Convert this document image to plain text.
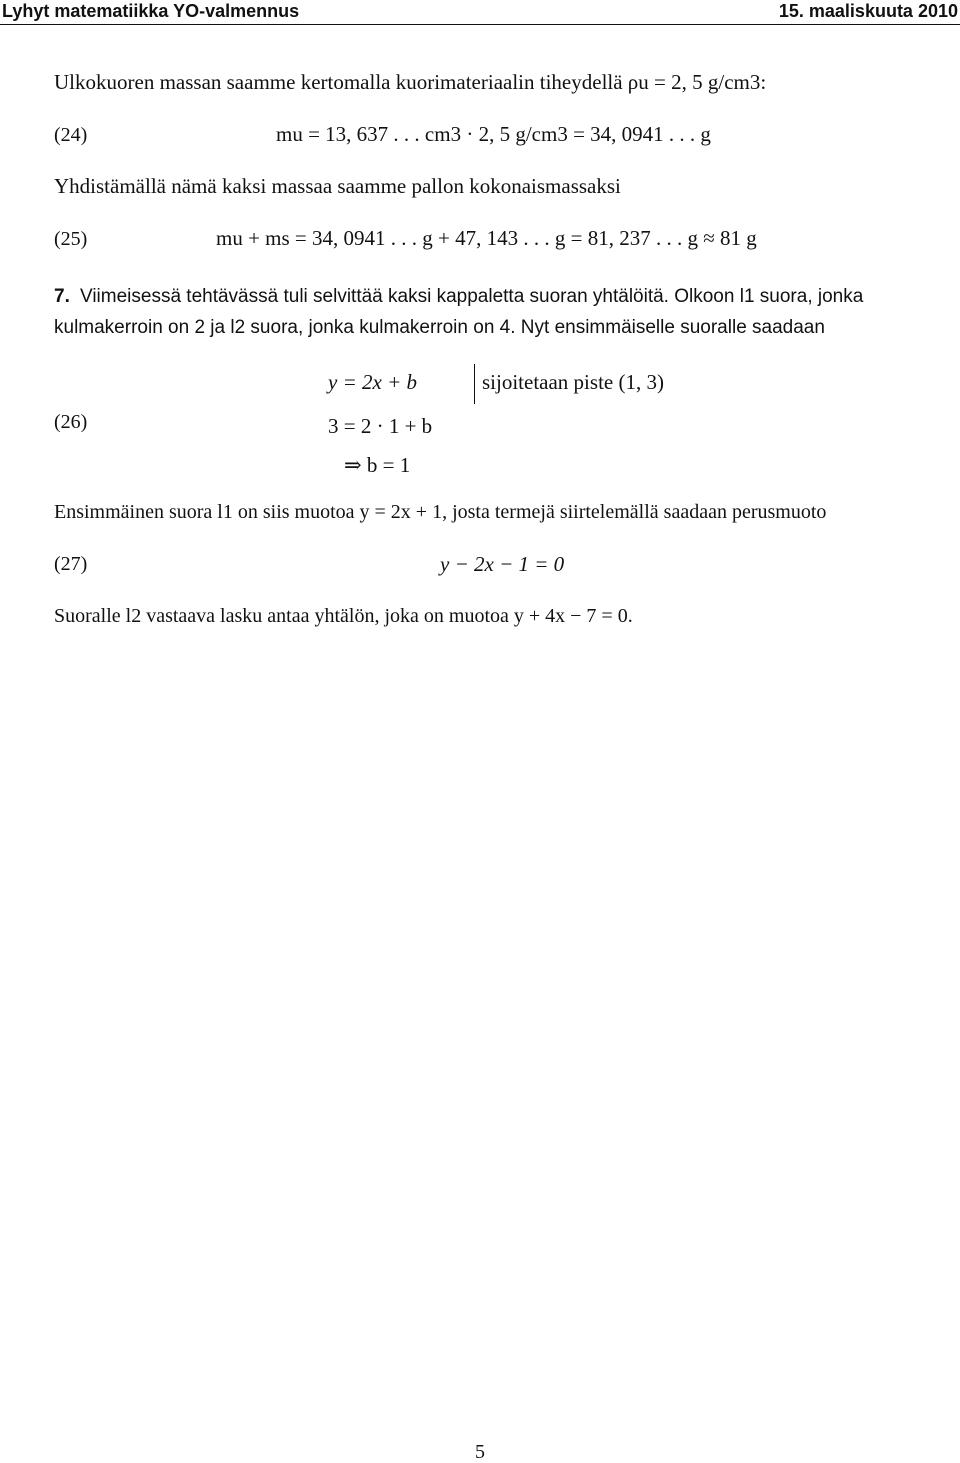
Lyhyt matematiikka YO-valmennus	15. maaliskuuta 2010
Ulkokuoren massan saamme kertomalla kuorimateriaalin tiheydellä ρu = 2, 5 g/cm3:
(24)	mu = 13, 637 . . . cm3 · 2, 5 g/cm3 = 34, 0941 . . . g
Yhdistämällä nämä kaksi massaa saamme pallon kokonaismassaksi
(25)	mu + ms = 34, 0941 . . . g + 47, 143 . . . g = 81, 237 . . . g ≈ 81 g
7. Viimeisessä tehtävässä tuli selvittää kaksi kappaletta suoran yhtälöitä. Olkoon l1 suora, jonka
kulmakerroin on 2 ja l2 suora, jonka kulmakerroin on 4. Nyt ensimmäiselle suoralle saadaan
(26)
y = 2x + b	sijoitetaan piste (1, 3)
3 = 2 · 1 + b
⇒ b = 1
Ensimmäinen suora l1 on siis muotoa y = 2x + 1, josta termejä siirtelemällä saadaan perusmuoto
(27)	y − 2x − 1 = 0
Suoralle l2 vastaava lasku antaa yhtälön, joka on muotoa y + 4x − 7 = 0.
5
